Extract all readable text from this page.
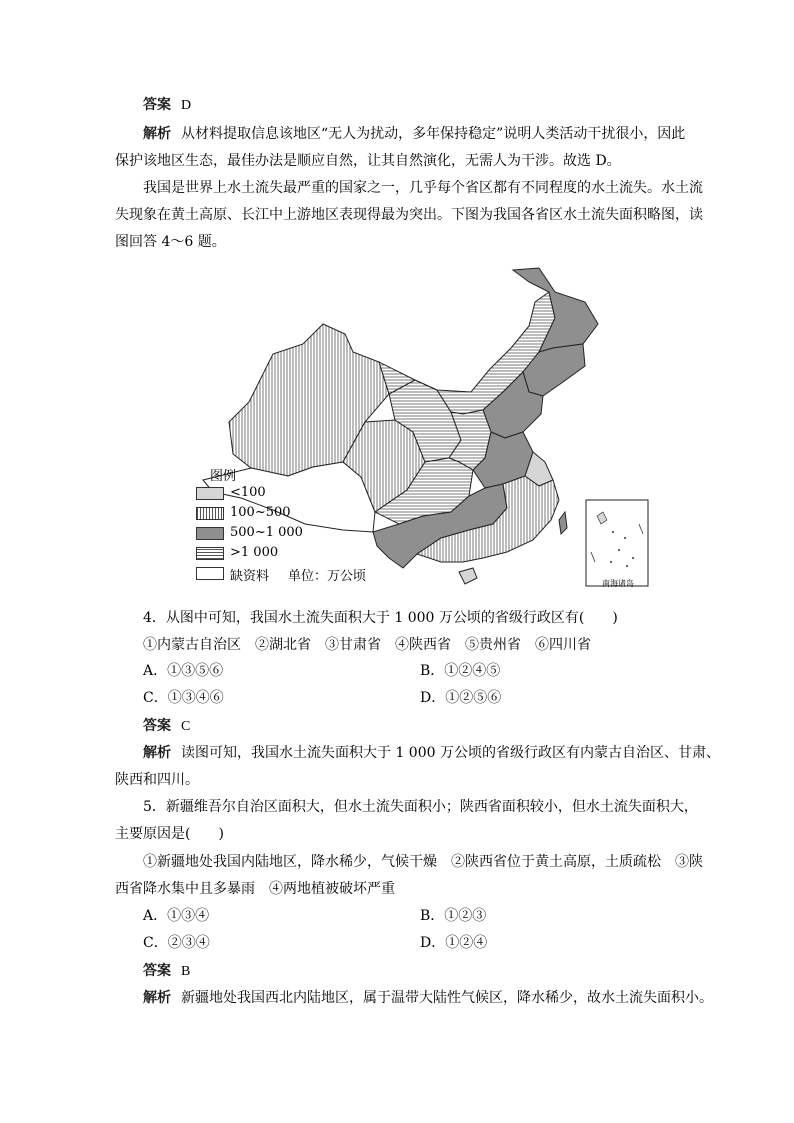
答案 D
解析 从材料提取信息该地区“无人为扰动，多年保持稳定”说明人类活动干扰很小，因此
保护该地区生态，最佳办法是顺应自然，让其自然演化，无需人为干涉。故选 D。
我国是世界上水土流失最严重的国家之一，几乎每个省区都有不同程度的水土流失。水土流
失现象在黄土高原、长江中上游地区表现得最为突出。下图为我国各省区水土流失面积略图，读
图回答 4～6 题。
图例
<100
100~500
500~1 000
>1 000
缺资料 单位：万公顷	南海诸岛
4．从图中可知，我国水土流失面积大于 1 000 万公顷的省级行政区有(　　)
①内蒙古自治区　②湖北省　③甘肃省　④陕西省　⑤贵州省　⑥四川省
A．①③⑤⑥	B．①②④⑤
C．①③④⑥	D．①②⑤⑥
答案 C
解析 读图可知，我国水土流失面积大于 1 000 万公顷的省级行政区有内蒙古自治区、甘肃、
陕西和四川。
5．新疆维吾尔自治区面积大，但水土流失面积小；陕西省面积较小，但水土流失面积大，
主要原因是(　　)
①新疆地处我国内陆地区，降水稀少，气候干燥　②陕西省位于黄土高原，土质疏松　③陕
西省降水集中且多暴雨　④两地植被破坏严重
A．①③④	B．①②③
C．②③④	D．①②④
答案 B
解析 新疆地处我国西北内陆地区，属于温带大陆性气候区，降水稀少，故水土流失面积小。
